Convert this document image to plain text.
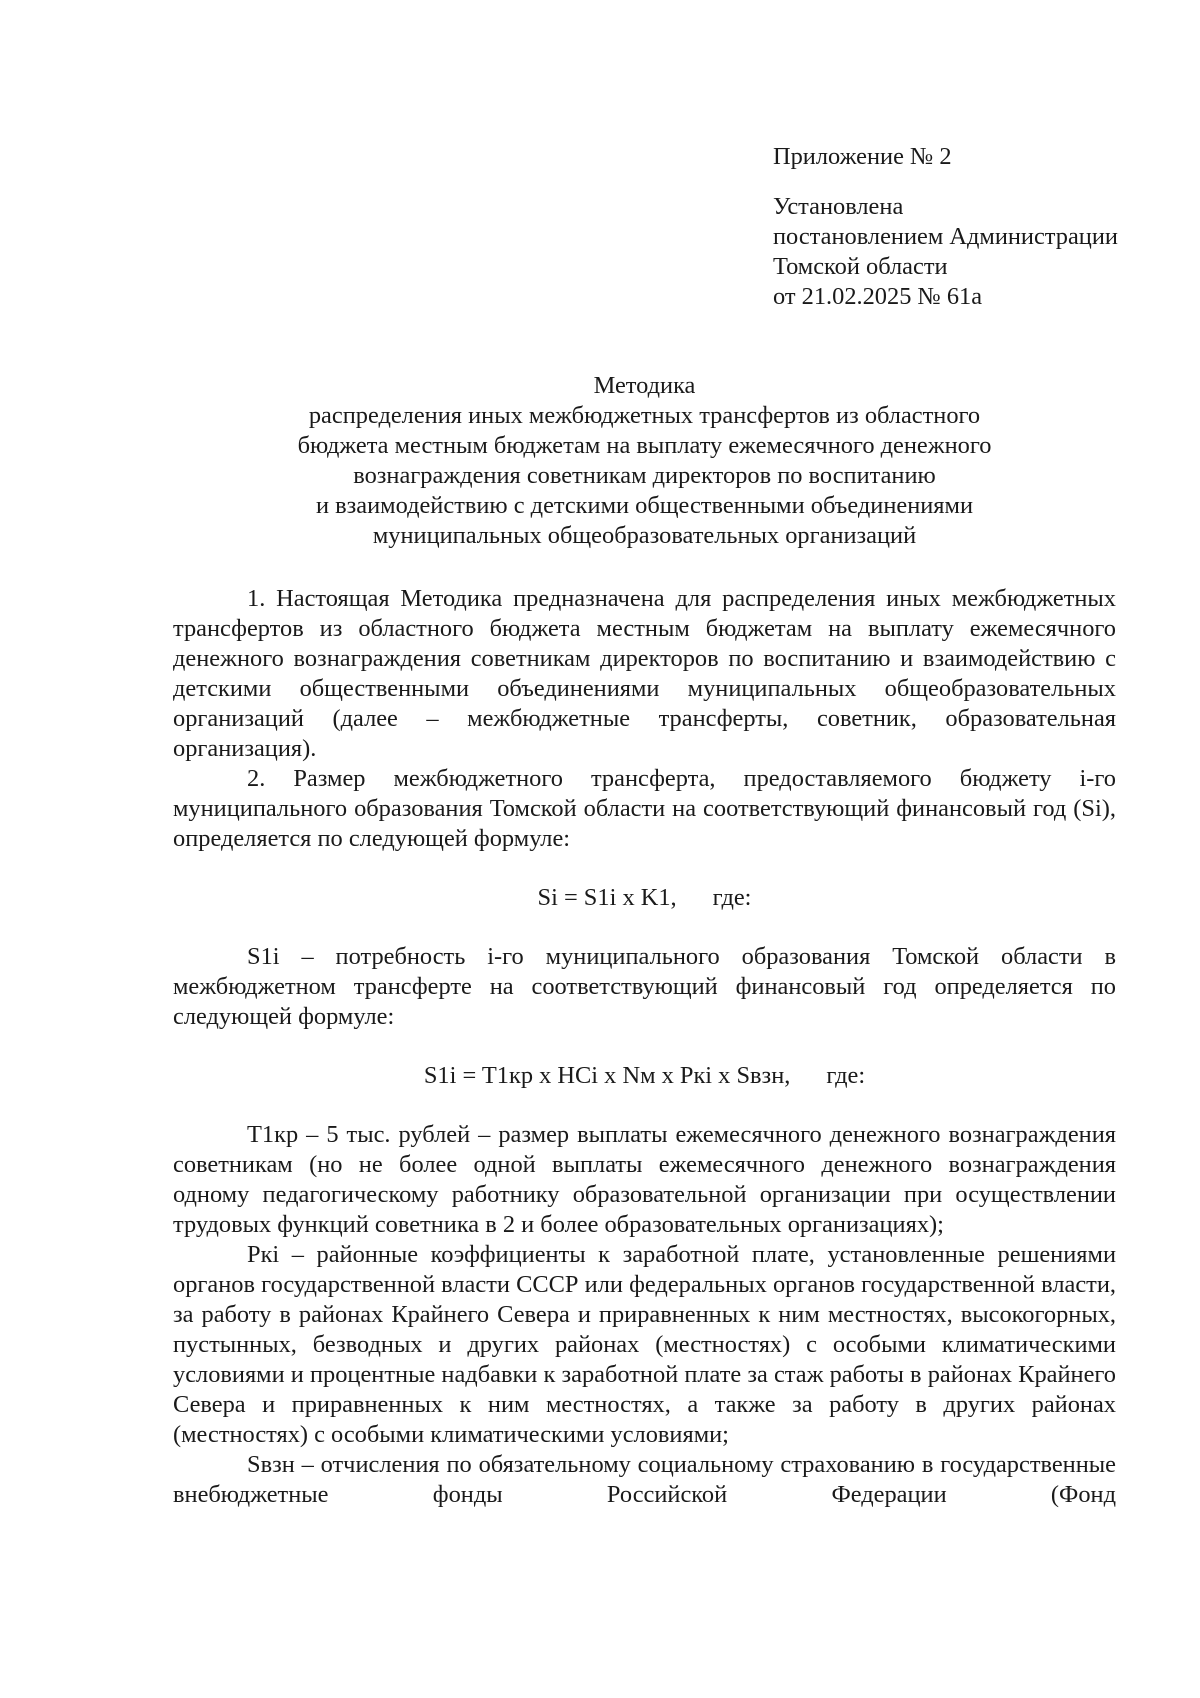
Приложение № 2
Установлена
постановлением Администрации
Томской области
от 21.02.2025 № 61а
Методика
распределения иных межбюджетных трансфертов из областного
бюджета местным бюджетам на выплату ежемесячного денежного
вознаграждения советникам директоров по воспитанию
и взаимодействию с детскими общественными объединениями
муниципальных общеобразовательных организаций

1. Настоящая Методика предназначена для распределения иных межбюджетных трансфертов из областного бюджета местным бюджетам на выплату ежемесячного денежного вознаграждения советникам директоров по воспитанию и взаимодействию с детскими общественными объединениями муниципальных общеобразовательных организаций (далее – межбюджетные трансферты, советник, образовательная организация).

2. Размер межбюджетного трансферта, предоставляемого бюджету i-го муниципального образования Томской области на соответствующий финансовый год (Si), определяется по следующей формуле:

Si = S1i x K1, где:

S1i – потребность i-го муниципального образования Томской области в межбюджетном трансферте на соответствующий финансовый год определяется по следующей формуле:

S1i = T1кр x НСi x Nм x Pкi x Sвзн, где:

T1кр – 5 тыс. рублей – размер выплаты ежемесячного денежного вознаграждения советникам (но не более одной выплаты ежемесячного денежного вознаграждения одному педагогическому работнику образовательной организации при осуществлении трудовых функций советника в 2 и более образовательных организациях);

Pкi – районные коэффициенты к заработной плате, установленные решениями органов государственной власти СССР или федеральных органов государственной власти, за работу в районах Крайнего Севера и приравненных к ним местностях, высокогорных, пустынных, безводных и других районах (местностях) с особыми климатическими условиями и процентные надбавки к заработной плате за стаж работы в районах Крайнего Севера и приравненных к ним местностях, а также за работу в других районах (местностях) с особыми климатическими условиями;

Sвзн – отчисления по обязательному социальному страхованию в государственные внебюджетные фонды Российской Федерации (Фонд
